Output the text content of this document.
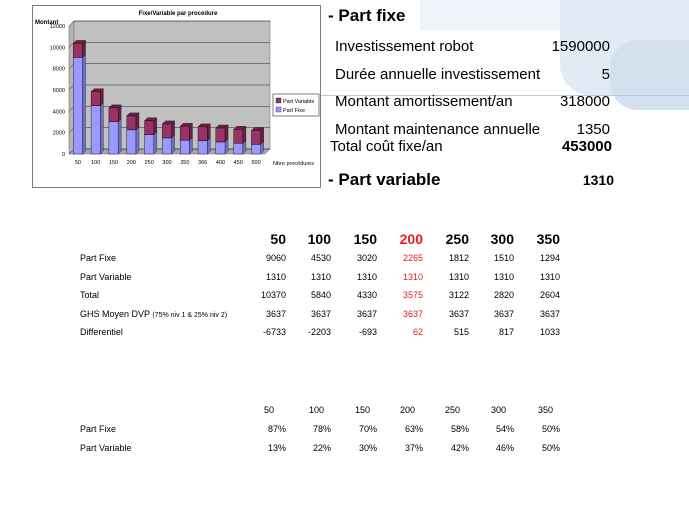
Fixe/Variable par procédure
Montant
0
2000
4000
6000
8000
10000
12000
50 100 150 200 250 300 350 366 400 450 500 Nbre procédures
Part Variable
Part Fixe
- Part fixe
Investissement robot	1590000
Durée annuelle investissement	5
Montant amortissement/an	318000
Montant maintenance annuelle	1350
Total coût fixe/an	453000
- Part variable	1310
50	100	150	200	250	300	350
Part Fixe	9060	4530	3020	2265	1812	1510	1294
Part Variable	1310	1310	1310	1310	1310	1310	1310
Total	10370	5840	4330	3575	3122	2820	2604
GHS Moyen DVP (75% niv 1 & 25% niv 2)	3637	3637	3637	3637	3637	3637	3637
Differentiel	-6733	-2203	-693	62	515	817	1033
50	100	150	200	250	300	350
Part Fixe	87%	78%	70%	63%	58%	54%	50%
Part Variable	13%	22%	30%	37%	42%	46%	50%
